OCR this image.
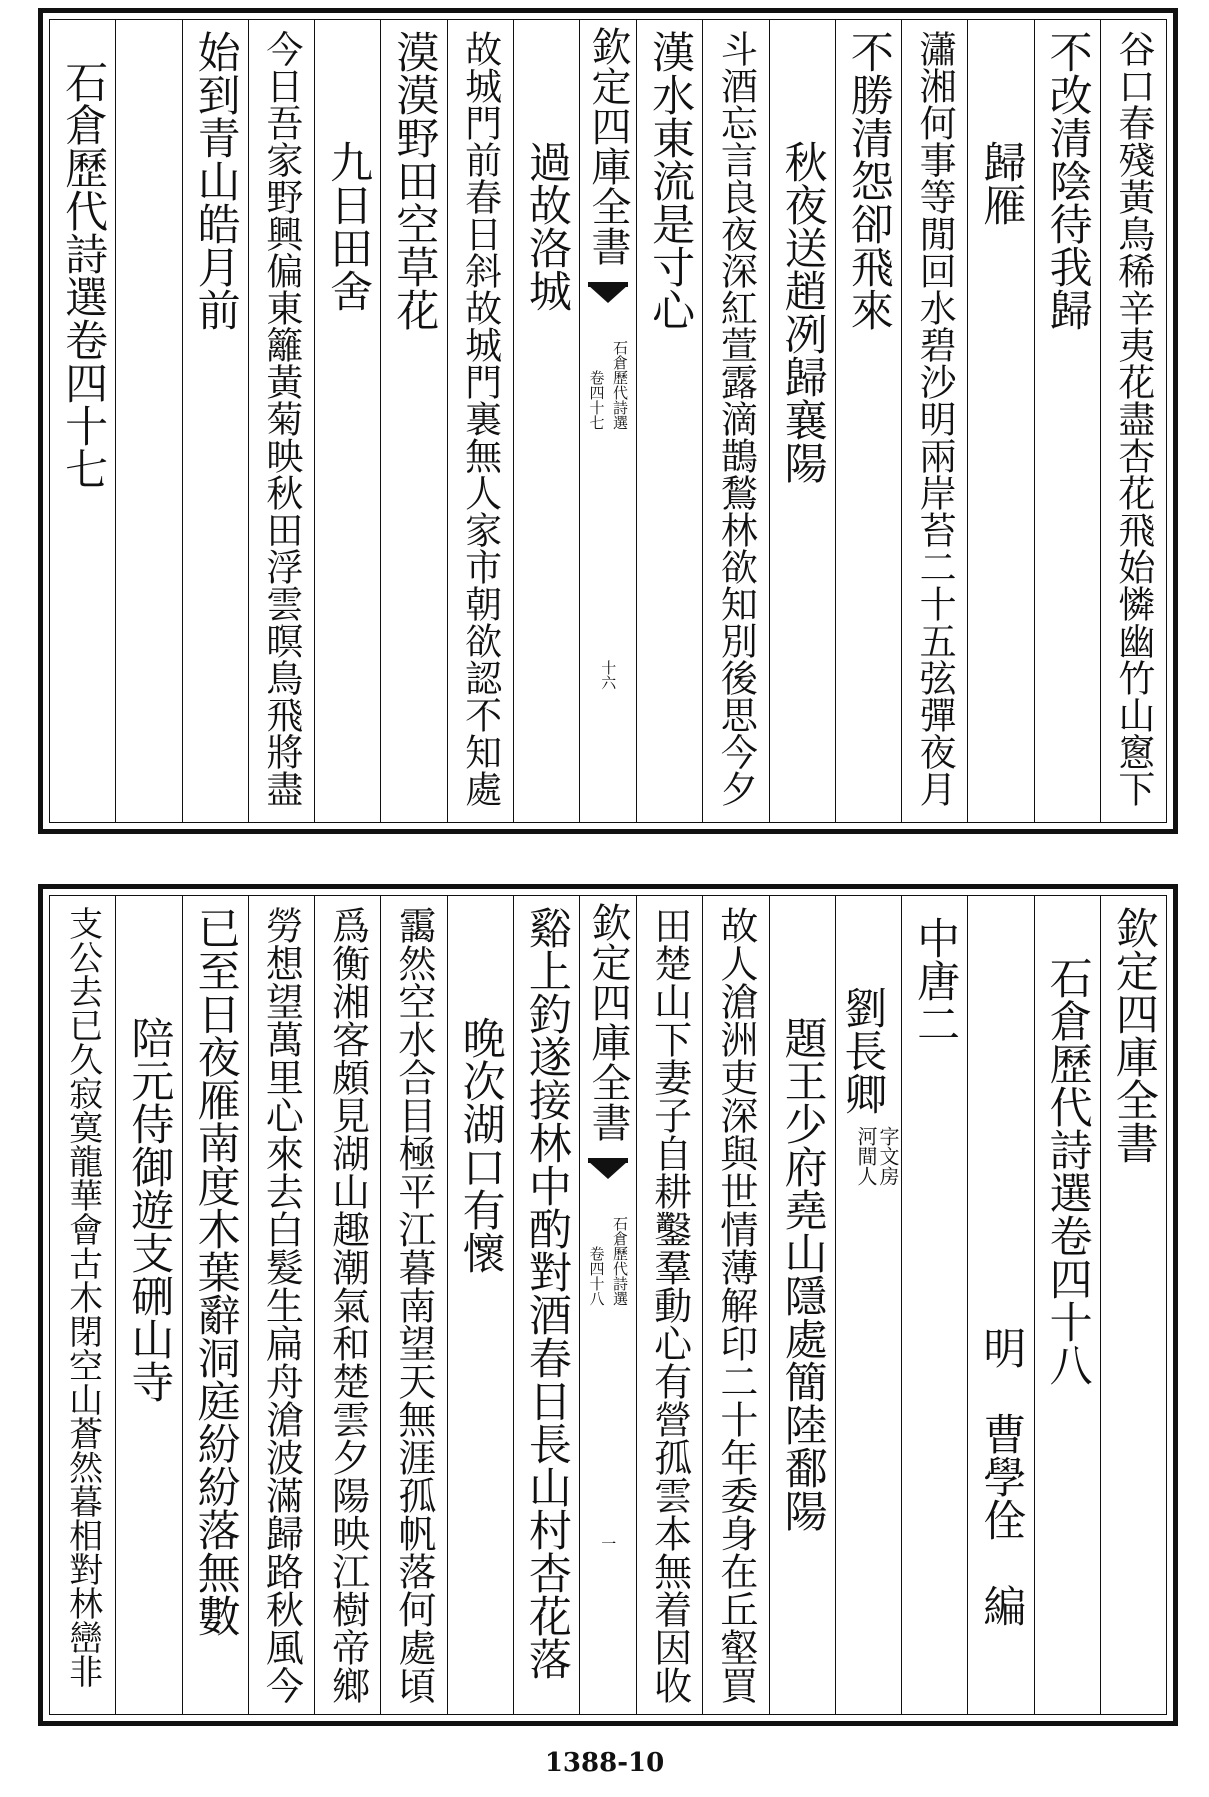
谷口春殘黃鳥稀辛夷花盡杏花飛始憐幽竹山窻下
不改清陰待我歸
歸雁
瀟湘何事等閒回水碧沙明兩岸苔二十五弦彈夜月
不勝清怨卻飛來
秋夜送趙冽歸襄陽
斗酒忘言良夜深紅萱露滴鵲鶖林欲知別後思今夕
漢水東流是寸心
欽定四庫全書
石倉歷代詩選
卷四十七
十六
過故洛城
故城門前春日斜故城門裏無人家市朝欲認不知處
漠漠野田空草花
九日田舍
今日吾家野興偏東籬黃菊映秋田浮雲暝鳥飛將盡
始到青山皓月前
石倉歷代詩選卷四十七
欽定四庫全書
石倉歷代詩選卷四十八
明　曹學佺　編
中唐二
劉長卿
字文房
河間人
題王少府堯山隱處簡陸鄱陽
故人滄洲吏深與世情薄解印二十年委身在丘壑買
田楚山下妻子自耕鑿羣動心有營孤雲本無着因收
欽定四庫全書
石倉歷代詩選
卷四十八
一
谿上釣遂接林中酌對酒春日長山村杏花落
晚次湖口有懷
靄然空水合目極平江暮南望天無涯孤帆落何處頃
爲衡湘客頗見湖山趣潮氣和楚雲夕陽映江樹帝鄉
勞想望萬里心來去白髮生扁舟滄波滿歸路秋風今
已至日夜雁南度木葉辭洞庭紛紛落無數
陪元侍御遊支硎山寺
支公去已久寂寞龍華會古木閉空山蒼然暮相對林巒非
1388-10
